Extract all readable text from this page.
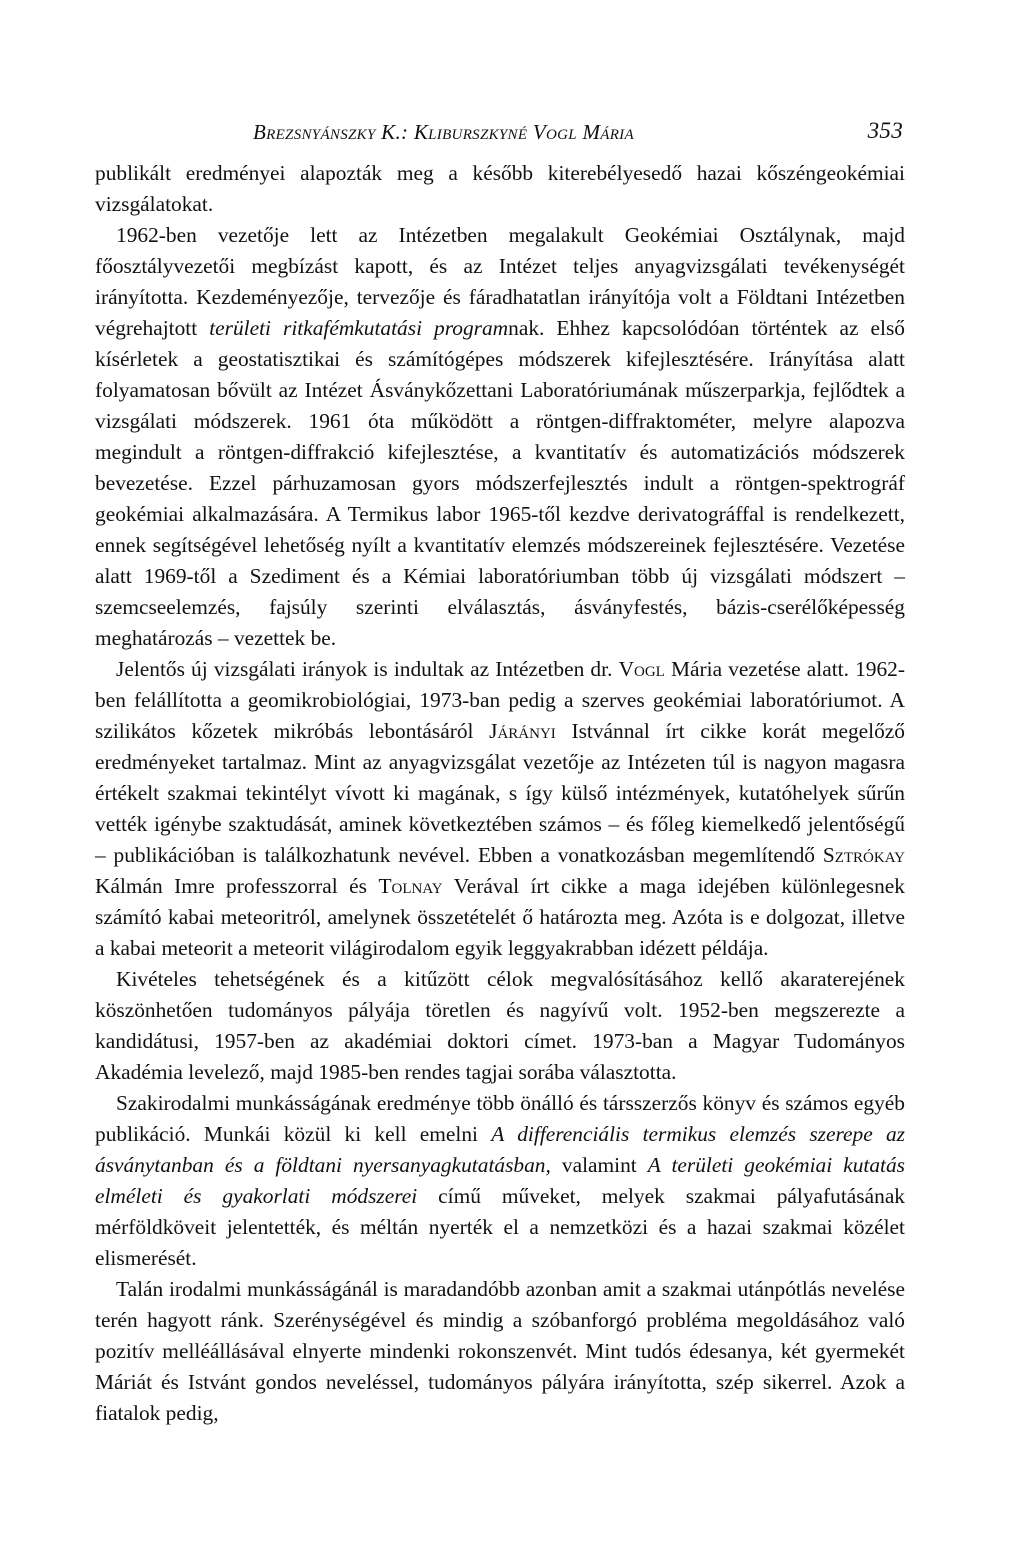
Brezsnyánszky K.: Kliburszkyné Vogl Mária	353

publikált eredményei alapozták meg a később kiterebélyesedő hazai kőszéngeokémiai vizsgálatokat.

1962-ben vezetője lett az Intézetben megalakult Geokémiai Osztálynak, majd főosztályvezetői megbízást kapott, és az Intézet teljes anyagvizsgálati tevékenységét irányította. Kezdeményezője, tervezője és fáradhatatlan irányítója volt a Földtani Intézetben végrehajtott területi ritkafémkutatási programnak. Ehhez kapcsolódóan történtek az első kísérletek a geostatisztikai és számítógépes módszerek kifejlesztésére. Irányítása alatt folyamatosan bővült az Intézet Ásványkőzettani Laboratóriumának műszerparkja, fejlődtek a vizsgálati módszerek. 1961 óta működött a röntgen-diffraktométer, melyre alapozva megindult a röntgen-diffrakció kifejlesztése, a kvantitatív és automatizációs módszerek bevezetése. Ezzel párhuzamosan gyors módszerfejlesztés indult a röntgen-spektrográf geokémiai alkalmazására. A Termikus labor 1965-től kezdve derivatográffal is rendelkezett, ennek segítségével lehetőség nyílt a kvantitatív elemzés módszereinek fejlesztésére. Vezetése alatt 1969-től a Szediment és a Kémiai laboratóriumban több új vizsgálati módszert – szemcseelemzés, fajsúly szerinti elválasztás, ásványfestés, bázis-cserélőképesség meghatározás – vezettek be.

Jelentős új vizsgálati irányok is indultak az Intézetben dr. Vogl Mária vezetése alatt. 1962-ben felállította a geomikrobiológiai, 1973-ban pedig a szerves geokémiai laboratóriumot. A szilikátos kőzetek mikróbás lebontásáról Járányi Istvánnal írt cikke korát megelőző eredményeket tartalmaz. Mint az anyagvizsgálat vezetője az Intézeten túl is nagyon magasra értékelt szakmai tekintélyt vívott ki magának, s így külső intézmények, kutatóhelyek sűrűn vették igénybe szaktudását, aminek következtében számos – és főleg kiemelkedő jelentőségű – publikációban is találkozhatunk nevével. Ebben a vonatkozásban megemlítendő Sztrókay Kálmán Imre professzorral és Tolnay Verával írt cikke a maga idejében különlegesnek számító kabai meteoritról, amelynek összetételét ő határozta meg. Azóta is e dolgozat, illetve a kabai meteorit a meteorit világirodalom egyik leggyakrabban idézett példája.

Kivételes tehetségének és a kitűzött célok megvalósításához kellő akaraterejének köszönhetően tudományos pályája töretlen és nagyívű volt. 1952-ben megszerezte a kandidátusi, 1957-ben az akadémiai doktori címet. 1973-ban a Magyar Tudományos Akadémia levelező, majd 1985-ben rendes tagjai sorába választotta.

Szakirodalmi munkásságának eredménye több önálló és társszerzős könyv és számos egyéb publikáció. Munkái közül ki kell emelni A differenciális termikus elemzés szerepe az ásványtanban és a földtani nyersanyagkutatásban, valamint A területi geokémiai kutatás elméleti és gyakorlati módszerei című műveket, melyek szakmai pályafutásának mérföldköveit jelentették, és méltán nyerték el a nemzetközi és a hazai szakmai közélet elismerését.

Talán irodalmi munkásságánál is maradandóbb azonban amit a szakmai utánpótlás nevelése terén hagyott ránk. Szerénységével és mindig a szóbanforgó probléma megoldásához való pozitív melléállásával elnyerte mindenki rokonszenvét. Mint tudós édesanya, két gyermekét Máriát és Istvánt gondos neveléssel, tudományos pályára irányította, szép sikerrel. Azok a fiatalok pedig,
